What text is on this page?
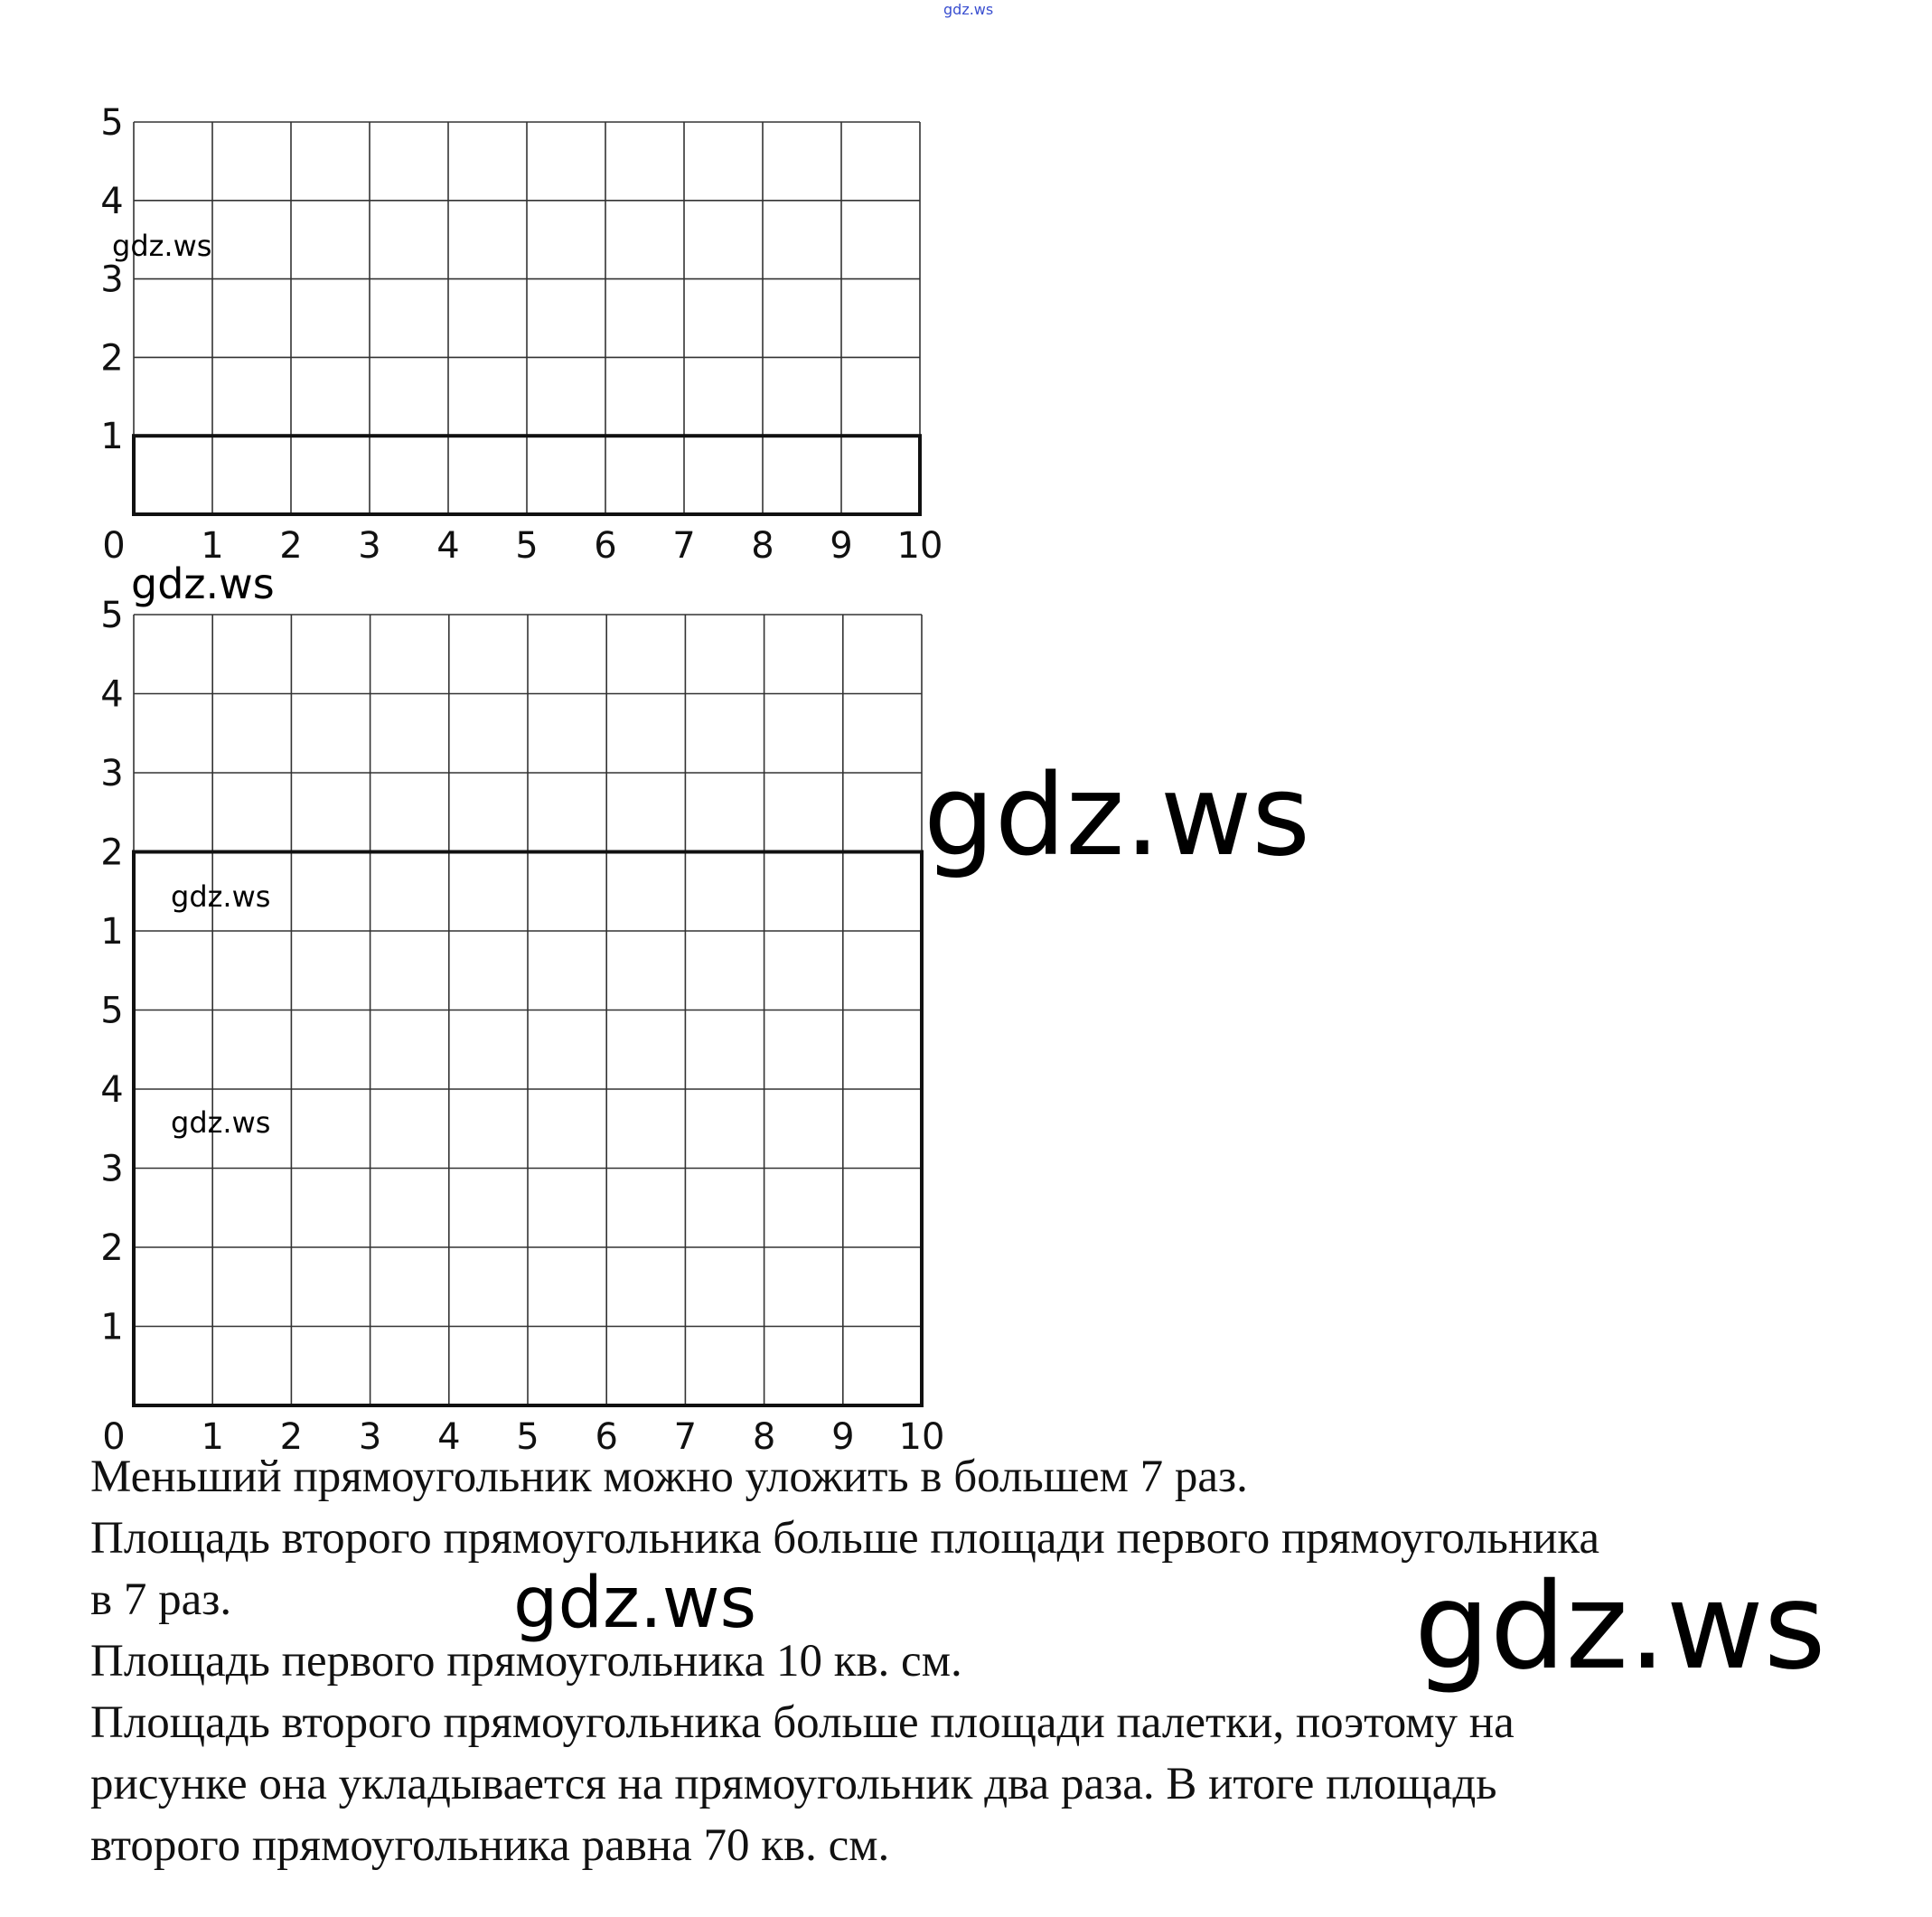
gdz.ws
0 1 2 3 4 5 6 7 8 9 10
1
2
3
4
5
gdz.ws
gdz.ws
0 1 2 3 4 5 6 7 8 9 10
1
2
3
4
5
1
2
3
4
5
gdz.ws
gdz.ws
gdz.ws
gdz.ws	gdz.ws
Меньший прямоугольник можно уложить в большем 7 раз.
Площадь второго прямоугольника больше площади первого прямоугольника
в 7 раз.
Площадь первого прямоугольника 10 кв. см.
Площадь второго прямоугольника больше площади палетки, поэтому на
рисунке она укладывается на прямоугольник два раза. В итоге площадь
второго прямоугольника равна 70 кв. см.
